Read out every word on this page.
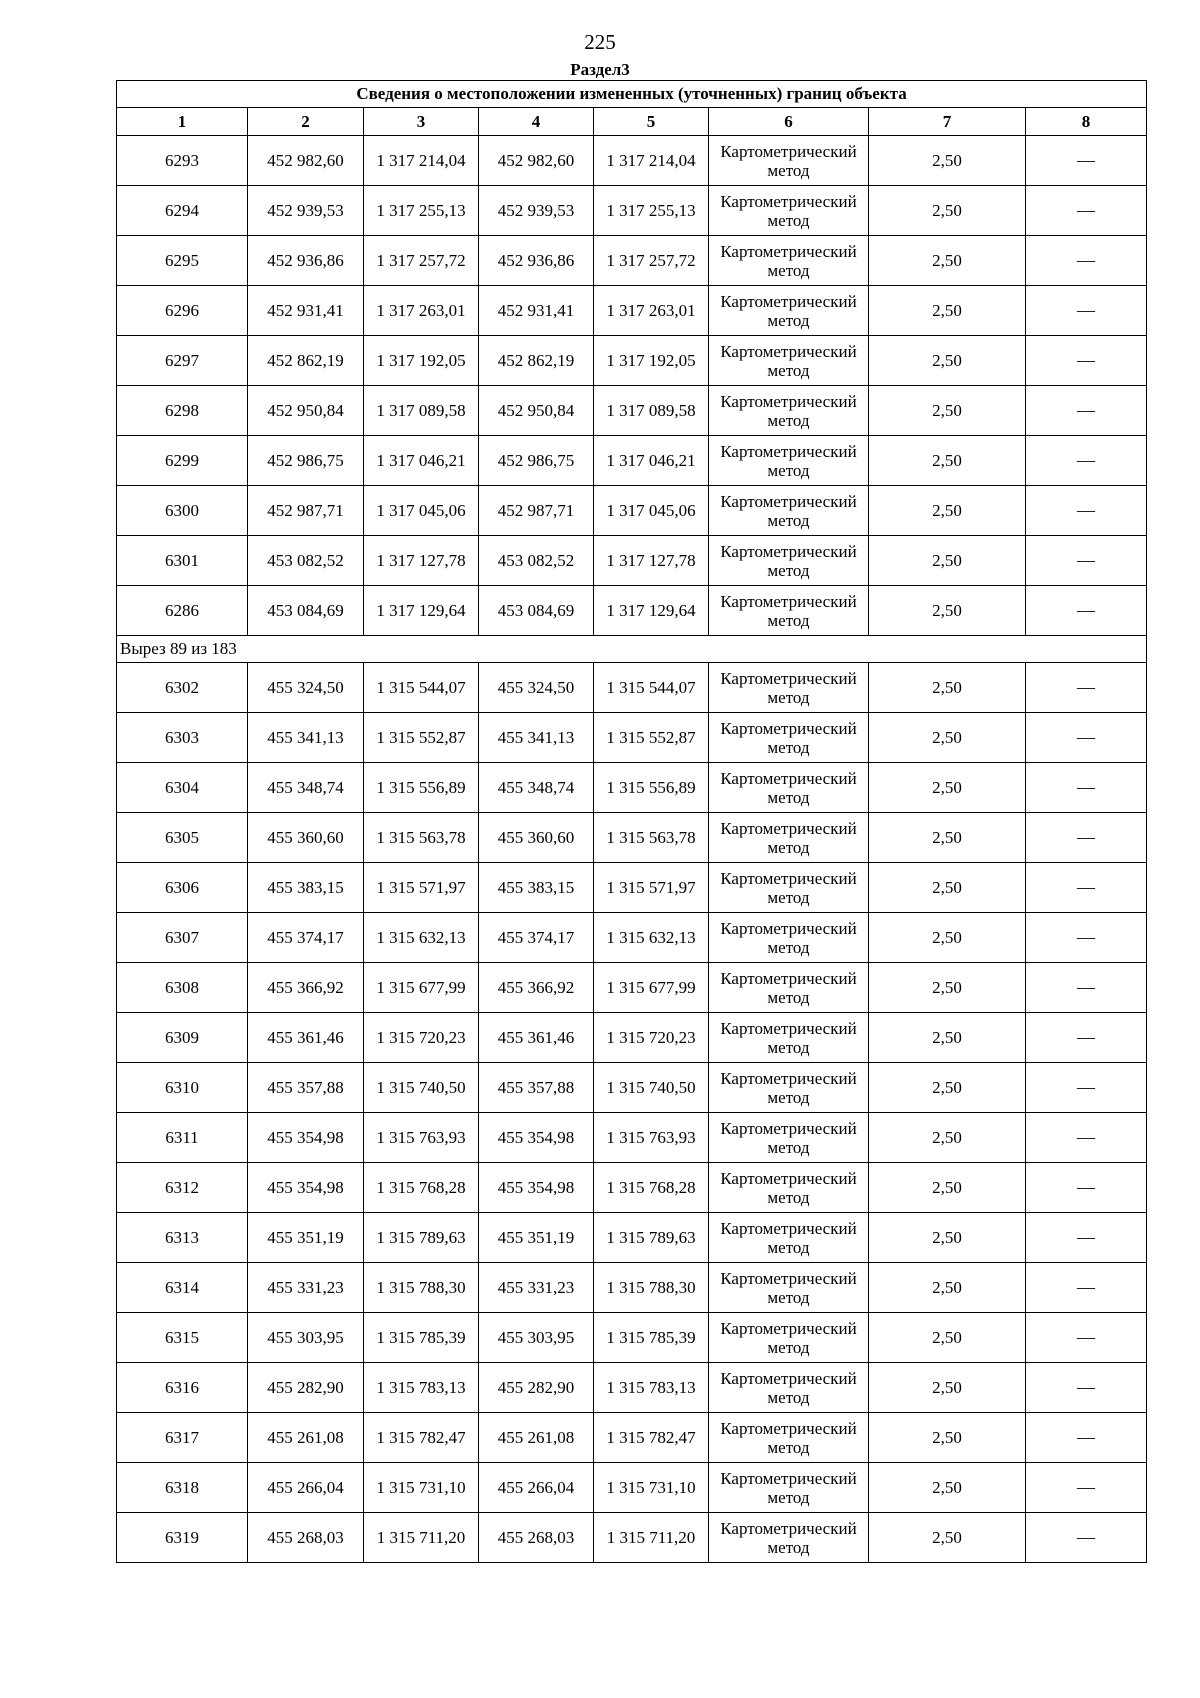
225
Раздел3
Сведения о местоположении измененных (уточненных) границ объекта							
1	2	3	4	5	6	7	8
6293	452 982,60	1 317 214,04	452 982,60	1 317 214,04	Картометрический метод	2,50	—
6294	452 939,53	1 317 255,13	452 939,53	1 317 255,13	Картометрический метод	2,50	—
6295	452 936,86	1 317 257,72	452 936,86	1 317 257,72	Картометрический метод	2,50	—
6296	452 931,41	1 317 263,01	452 931,41	1 317 263,01	Картометрический метод	2,50	—
6297	452 862,19	1 317 192,05	452 862,19	1 317 192,05	Картометрический метод	2,50	—
6298	452 950,84	1 317 089,58	452 950,84	1 317 089,58	Картометрический метод	2,50	—
6299	452 986,75	1 317 046,21	452 986,75	1 317 046,21	Картометрический метод	2,50	—
6300	452 987,71	1 317 045,06	452 987,71	1 317 045,06	Картометрический метод	2,50	—
6301	453 082,52	1 317 127,78	453 082,52	1 317 127,78	Картометрический метод	2,50	—
6286	453 084,69	1 317 129,64	453 084,69	1 317 129,64	Картометрический метод	2,50	—
Вырез 89 из 183							
6302	455 324,50	1 315 544,07	455 324,50	1 315 544,07	Картометрический метод	2,50	—
6303	455 341,13	1 315 552,87	455 341,13	1 315 552,87	Картометрический метод	2,50	—
6304	455 348,74	1 315 556,89	455 348,74	1 315 556,89	Картометрический метод	2,50	—
6305	455 360,60	1 315 563,78	455 360,60	1 315 563,78	Картометрический метод	2,50	—
6306	455 383,15	1 315 571,97	455 383,15	1 315 571,97	Картометрический метод	2,50	—
6307	455 374,17	1 315 632,13	455 374,17	1 315 632,13	Картометрический метод	2,50	—
6308	455 366,92	1 315 677,99	455 366,92	1 315 677,99	Картометрический метод	2,50	—
6309	455 361,46	1 315 720,23	455 361,46	1 315 720,23	Картометрический метод	2,50	—
6310	455 357,88	1 315 740,50	455 357,88	1 315 740,50	Картометрический метод	2,50	—
6311	455 354,98	1 315 763,93	455 354,98	1 315 763,93	Картометрический метод	2,50	—
6312	455 354,98	1 315 768,28	455 354,98	1 315 768,28	Картометрический метод	2,50	—
6313	455 351,19	1 315 789,63	455 351,19	1 315 789,63	Картометрический метод	2,50	—
6314	455 331,23	1 315 788,30	455 331,23	1 315 788,30	Картометрический метод	2,50	—
6315	455 303,95	1 315 785,39	455 303,95	1 315 785,39	Картометрический метод	2,50	—
6316	455 282,90	1 315 783,13	455 282,90	1 315 783,13	Картометрический метод	2,50	—
6317	455 261,08	1 315 782,47	455 261,08	1 315 782,47	Картометрический метод	2,50	—
6318	455 266,04	1 315 731,10	455 266,04	1 315 731,10	Картометрический метод	2,50	—
6319	455 268,03	1 315 711,20	455 268,03	1 315 711,20	Картометрический метод	2,50	—
